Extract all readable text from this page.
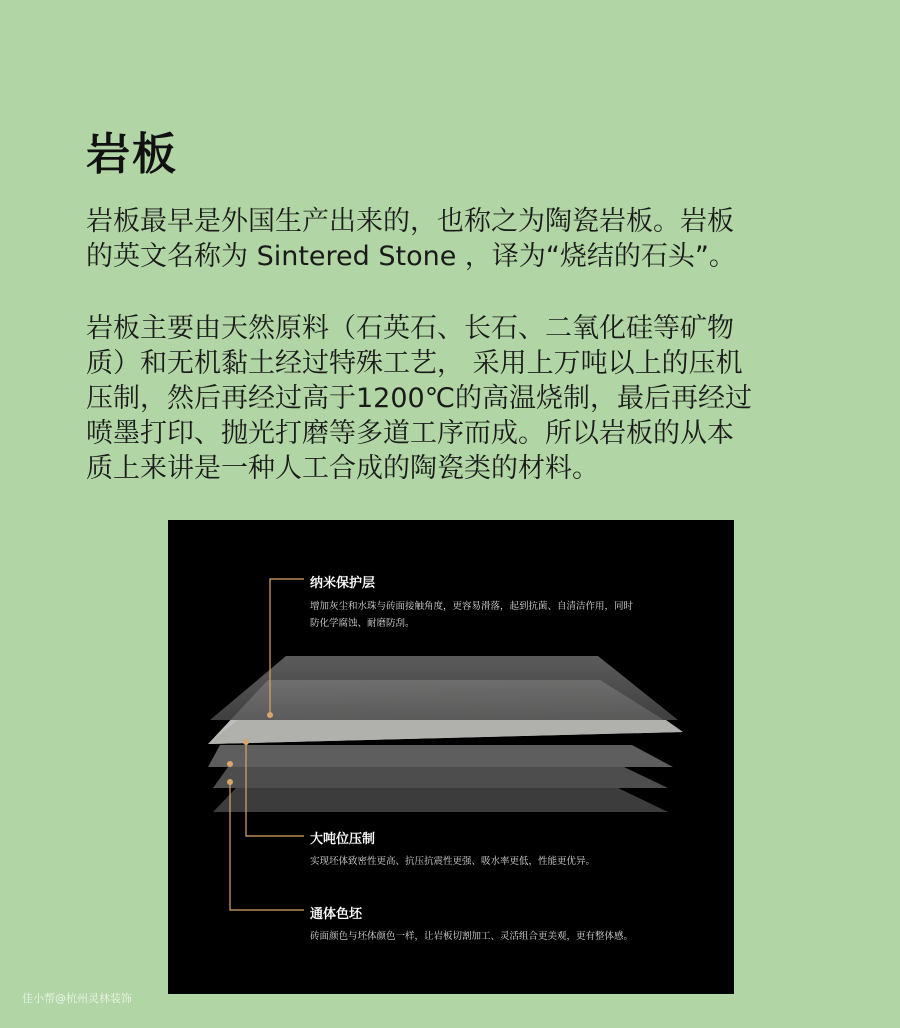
岩板

岩板最早是外国生产出来的，也称之为陶瓷岩板。岩板
的英文名称为 Sintered Stone ，译为“烧结的石头”。

岩板主要由天然原料（石英石、长石、二氧化硅等矿物
质）和无机黏土经过特殊工艺， 采用上万吨以上的压机
压制，然后再经过高于1200℃的高温烧制，最后再经过
喷墨打印、抛光打磨等多道工序而成。所以岩板的从本
质上来讲是一种人工合成的陶瓷类的材料。

纳米保护层
增加灰尘和水珠与砖面接触角度，更容易滑落，起到抗菌、自清洁作用，同时
防化学腐蚀、耐磨防刮。
大吨位压制
实现坯体致密性更高、抗压抗震性更强、吸水率更低，性能更优异。
通体色坯
砖面颜色与坯体颜色一样，让岩板切割加工、灵活组合更美观，更有整体感。
佳小帮@杭州灵林装饰
